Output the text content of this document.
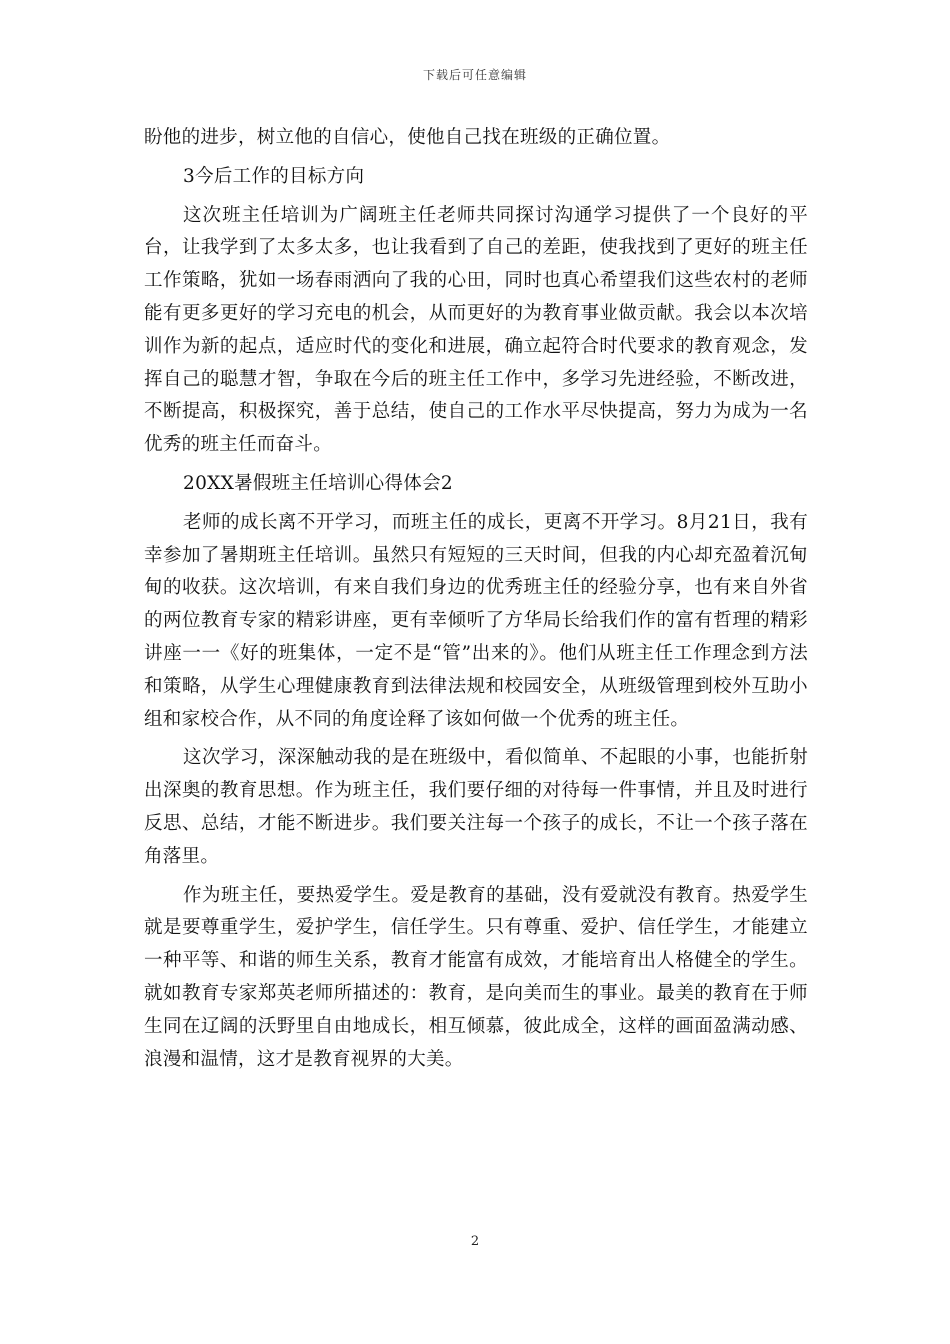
下载后可任意编辑

盼他的进步，树立他的自信心，使他自己找在班级的正确位置。

3今后工作的目标方向

这次班主任培训为广阔班主任老师共同探讨沟通学习提供了一个良好的平台，让我学到了太多太多，也让我看到了自己的差距，使我找到了更好的班主任工作策略，犹如一场春雨洒向了我的心田，同时也真心希望我们这些农村的老师能有更多更好的学习充电的机会，从而更好的为教育事业做贡献。我会以本次培训作为新的起点，适应时代的变化和进展，确立起符合时代要求的教育观念，发挥自己的聪慧才智，争取在今后的班主任工作中，多学习先进经验，不断改进，不断提高，积极探究，善于总结，使自己的工作水平尽快提高，努力为成为一名优秀的班主任而奋斗。

20XX暑假班主任培训心得体会2

老师的成长离不开学习，而班主任的成长，更离不开学习。8月21日，我有幸参加了暑期班主任培训。虽然只有短短的三天时间，但我的内心却充盈着沉甸甸的收获。这次培训，有来自我们身边的优秀班主任的经验分享，也有来自外省的两位教育专家的精彩讲座，更有幸倾听了方华局长给我们作的富有哲理的精彩讲座一一《好的班集体，一定不是“管”出来的》。他们从班主任工作理念到方法和策略，从学生心理健康教育到法律法规和校园安全，从班级管理到校外互助小组和家校合作，从不同的角度诠释了该如何做一个优秀的班主任。

这次学习，深深触动我的是在班级中，看似简单、不起眼的小事，也能折射出深奥的教育思想。作为班主任，我们要仔细的对待每一件事情，并且及时进行反思、总结，才能不断进步。我们要关注每一个孩子的成长，不让一个孩子落在角落里。

作为班主任，要热爱学生。爱是教育的基础，没有爱就没有教育。热爱学生就是要尊重学生，爱护学生，信任学生。只有尊重、爱护、信任学生，才能建立一种平等、和谐的师生关系，教育才能富有成效，才能培育出人格健全的学生。就如教育专家郑英老师所描述的：教育，是向美而生的事业。最美的教育在于师生同在辽阔的沃野里自由地成长，相互倾慕，彼此成全，这样的画面盈满动感、浪漫和温情，这才是教育视界的大美。

2
